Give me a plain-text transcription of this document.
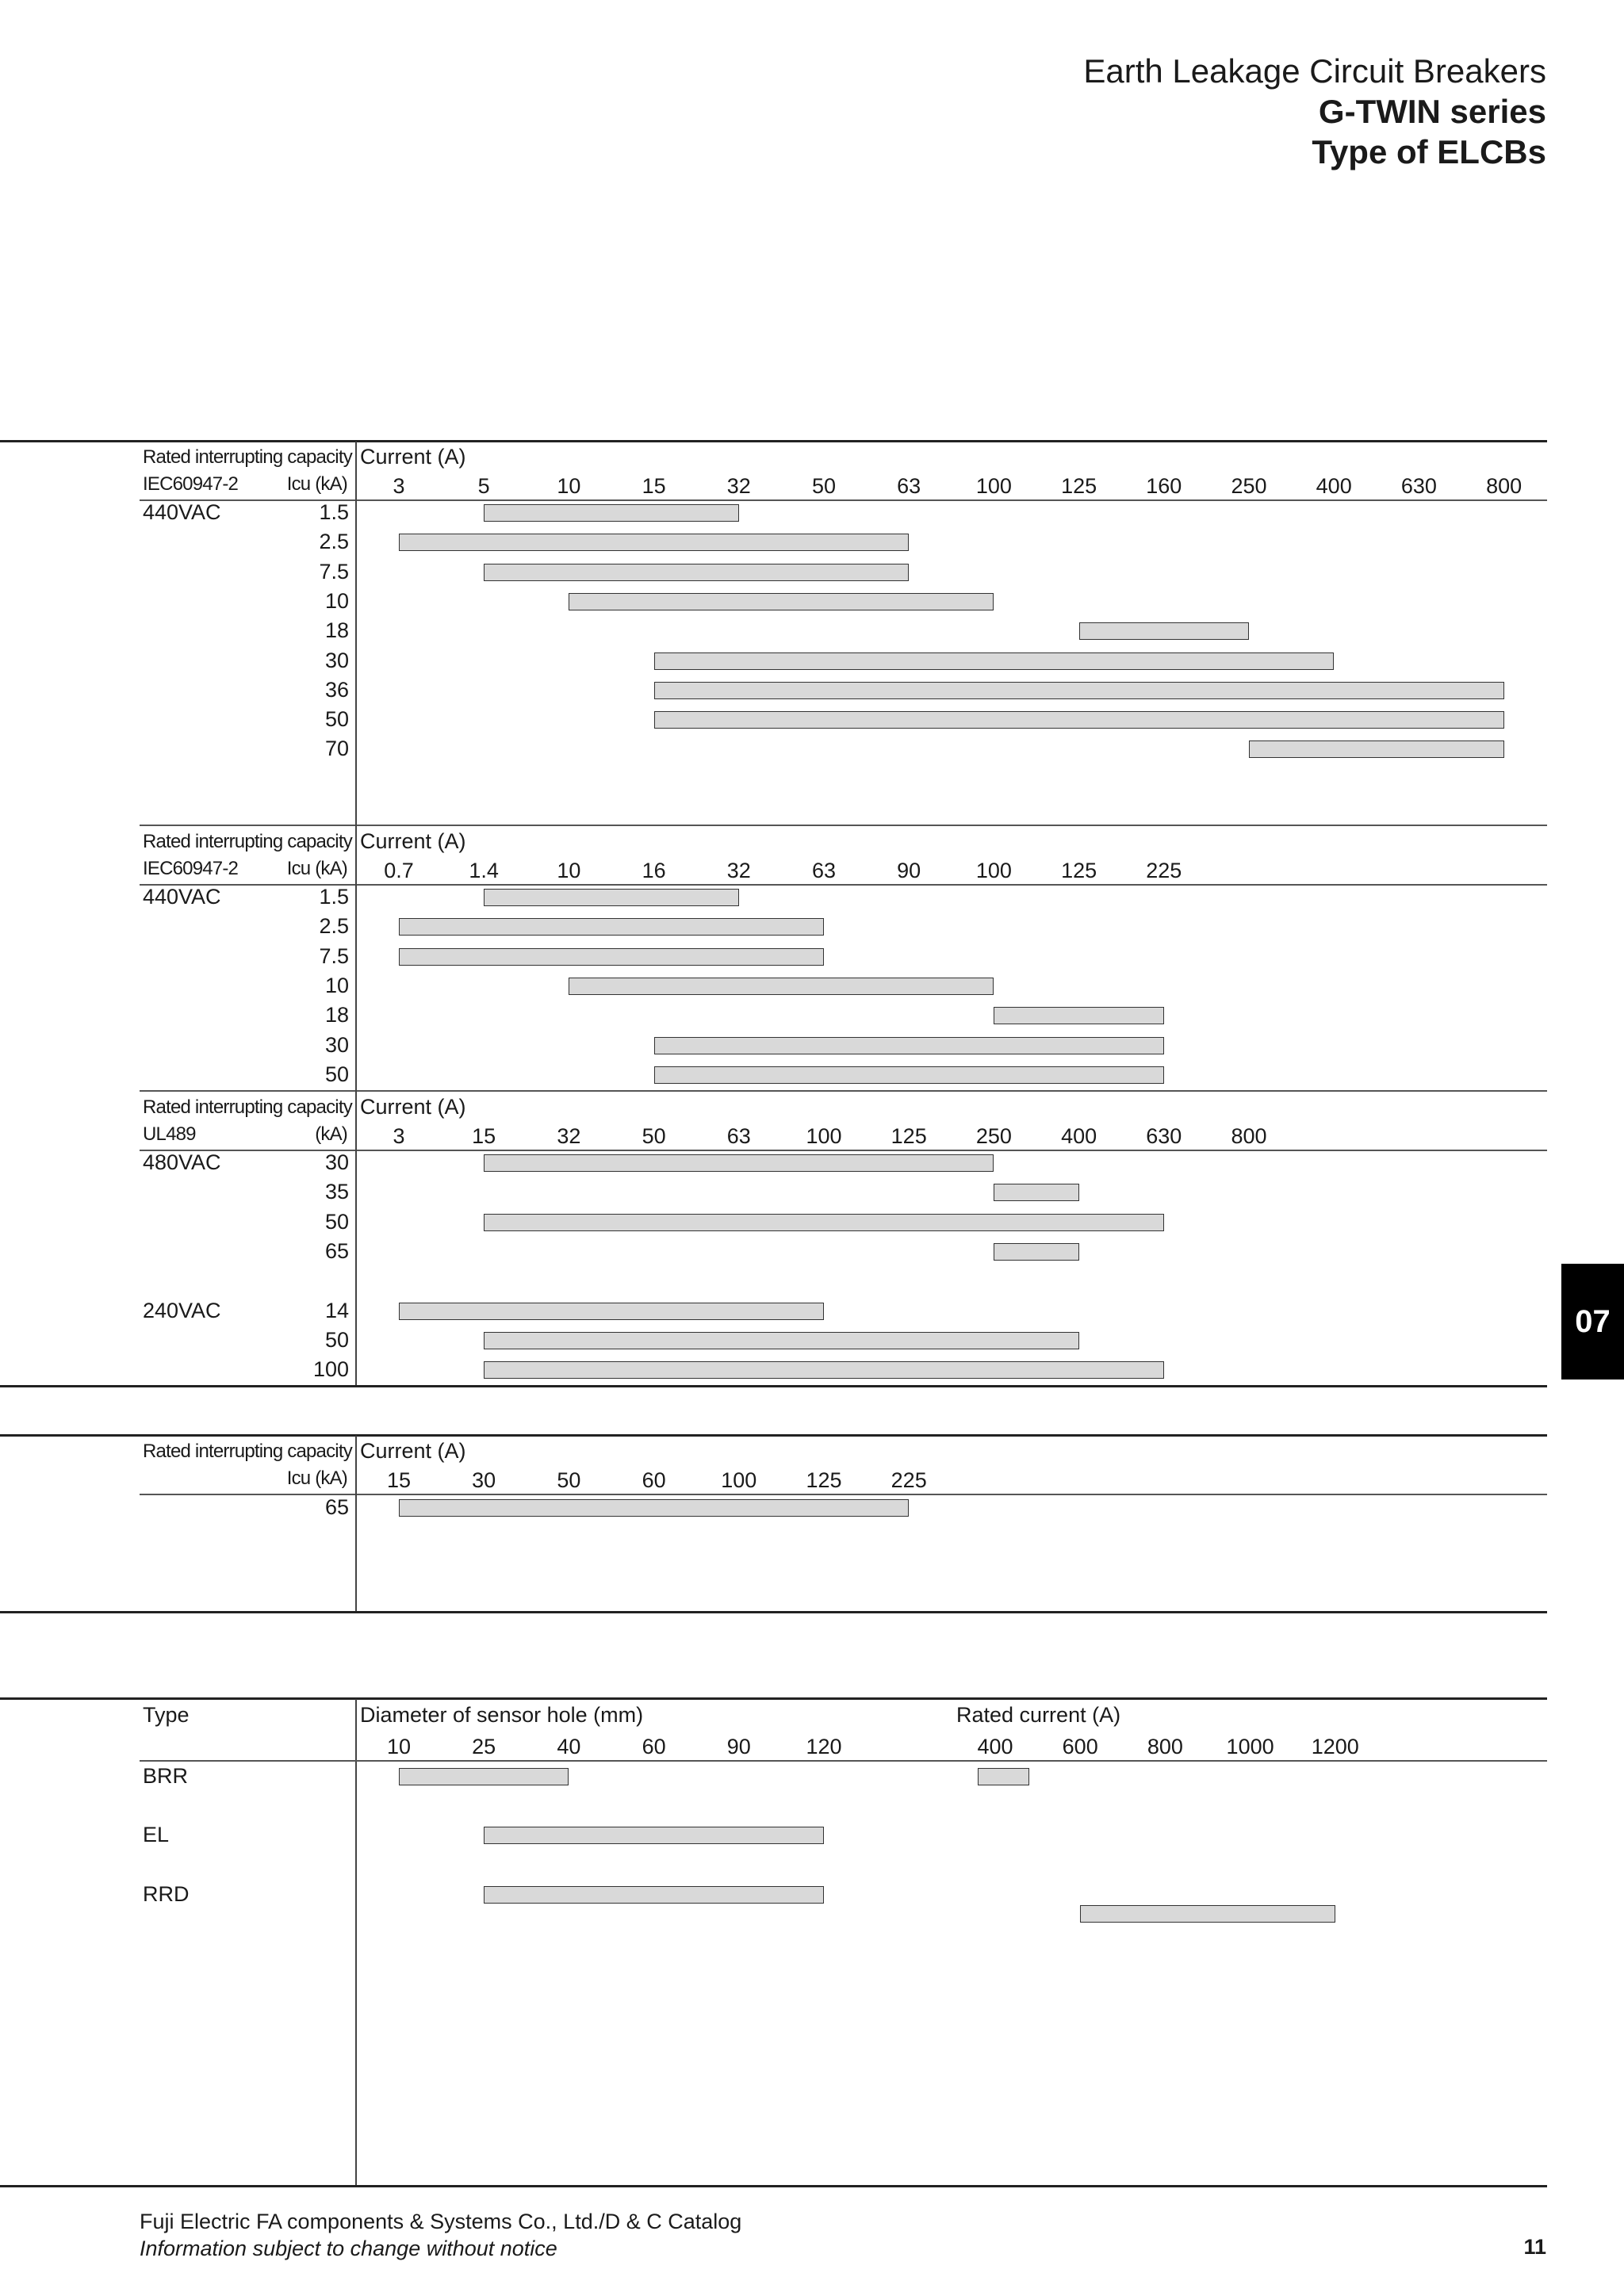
Earth Leakage Circuit Breakers
G-TWIN series
Type of ELCBs
07
Rated interrupting capacity
IEC60947-2	Icu (kA)
Current (A)
3	5	10	15	32	50	63	100 125 160 250 400 630 800
440VAC	1.5
2.5
7.5
10
18
30
36
50
70
Rated interrupting capacity
IEC60947-2	Icu (kA)
Current (A)
0.7	1.4	10	16	32	63	90	100 125 225
440VAC	1.5
2.5
7.5
10
18
30
50
Rated interrupting capacity
UL489	(kA)
Current (A)
3	15	32	50	63	100 125 250 400 630 800
480VAC	30
35
50
65
240VAC	14
50
100
Rated interrupting capacity
Icu (kA)
Current (A)
15	30	50	60	100 125 225
65
Type	Diameter of sensor hole (mm)	Rated current (A)
10	25	40	60	90	120	400 600 800 1000 1200
BRR
EL
RRD
Fuji Electric FA components & Systems Co., Ltd./D & C Catalog
Information subject to change without notice	11
